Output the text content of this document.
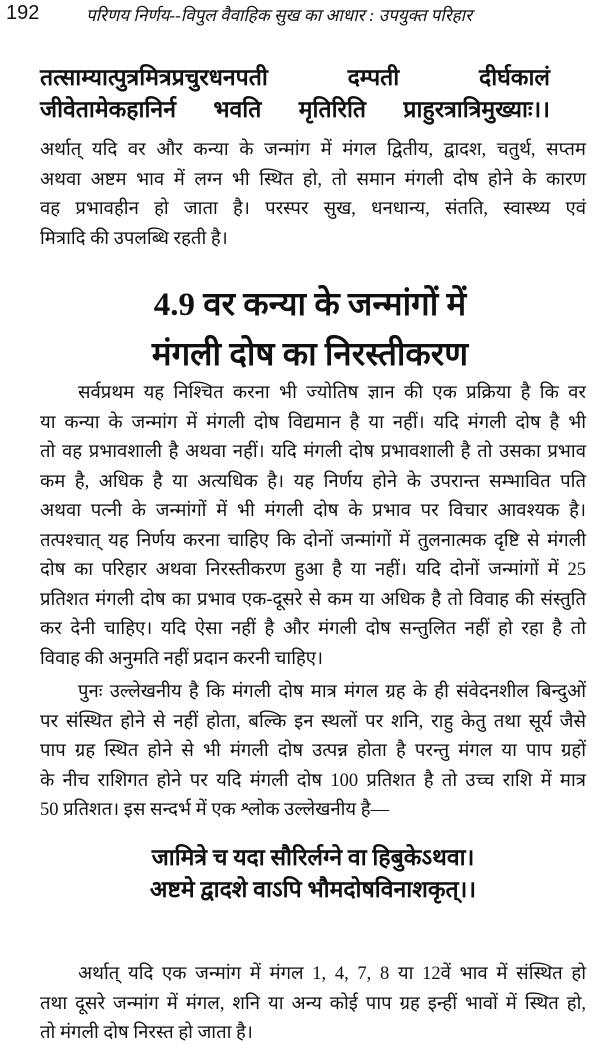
192	परिणय निर्णय--विपुल वैवाहिक सुख का आधार : उपयुक्त परिहार
तत्साम्यात्पुत्रमित्रप्रचुरधनपती दम्पती दीर्घकालं
जीवेतामेकहानिर्न भवति मृतिरिति प्राहुरत्रात्रिमुख्याः।।
अर्थात् यदि वर और कन्या के जन्मांग में मंगल द्वितीय, द्वादश, चतुर्थ, सप्तम
अथवा अष्टम भाव में लग्न भी स्थित हो, तो समान मंगली दोष होने के कारण
वह प्रभावहीन हो जाता है। परस्पर सुख, धनधान्य, संतति, स्वास्थ्य एवं
मित्रादि की उपलब्धि रहती है।
4.9 वर कन्या के जन्मांगों में
मंगली दोष का निरस्तीकरण
सर्वप्रथम यह निश्चित करना भी ज्योतिष ज्ञान की एक प्रक्रिया है कि वर
या कन्या के जन्मांग में मंगली दोष विद्यमान है या नहीं। यदि मंगली दोष है भी
तो वह प्रभावशाली है अथवा नहीं। यदि मंगली दोष प्रभावशाली है तो उसका प्रभाव
कम है, अधिक है या अत्यधिक है। यह निर्णय होने के उपरान्त सम्भावित पति
अथवा पत्नी के जन्मांगों में भी मंगली दोष के प्रभाव पर विचार आवश्यक है।
तत्पश्चात् यह निर्णय करना चाहिए कि दोनों जन्मांगों में तुलनात्मक दृष्टि से मंगली
दोष का परिहार अथवा निरस्तीकरण हुआ है या नहीं। यदि दोनों जन्मांगों में 25
प्रतिशत मंगली दोष का प्रभाव एक-दूसरे से कम या अधिक है तो विवाह की संस्तुति
कर देनी चाहिए। यदि ऐसा नहीं है और मंगली दोष सन्तुलित नहीं हो रहा है तो
विवाह की अनुमति नहीं प्रदान करनी चाहिए।
पुनः उल्लेखनीय है कि मंगली दोष मात्र मंगल ग्रह के ही संवेदनशील बिन्दुओं
पर संस्थित होने से नहीं होता, बल्कि इन स्थलों पर शनि, राहु केतु तथा सूर्य जैसे
पाप ग्रह स्थित होने से भी मंगली दोष उत्पन्न होता है परन्तु मंगल या पाप ग्रहों
के नीच राशिगत होने पर यदि मंगली दोष 100 प्रतिशत है तो उच्च राशि में मात्र
50 प्रतिशत। इस सन्दर्भ में एक श्लोक उल्लेखनीय है—
जामित्रे च यदा सौरिर्लग्ने वा हिबुकेऽथवा।
अष्टमे द्वादशे वाऽपि भौमदोषविनाशकृत्।।
अर्थात् यदि एक जन्मांग में मंगल 1, 4, 7, 8 या 12वें भाव में संस्थित हो
तथा दूसरे जन्मांग में मंगल, शनि या अन्य कोई पाप ग्रह इन्हीं भावों में स्थित हो,
तो मंगली दोष निरस्त हो जाता है।
